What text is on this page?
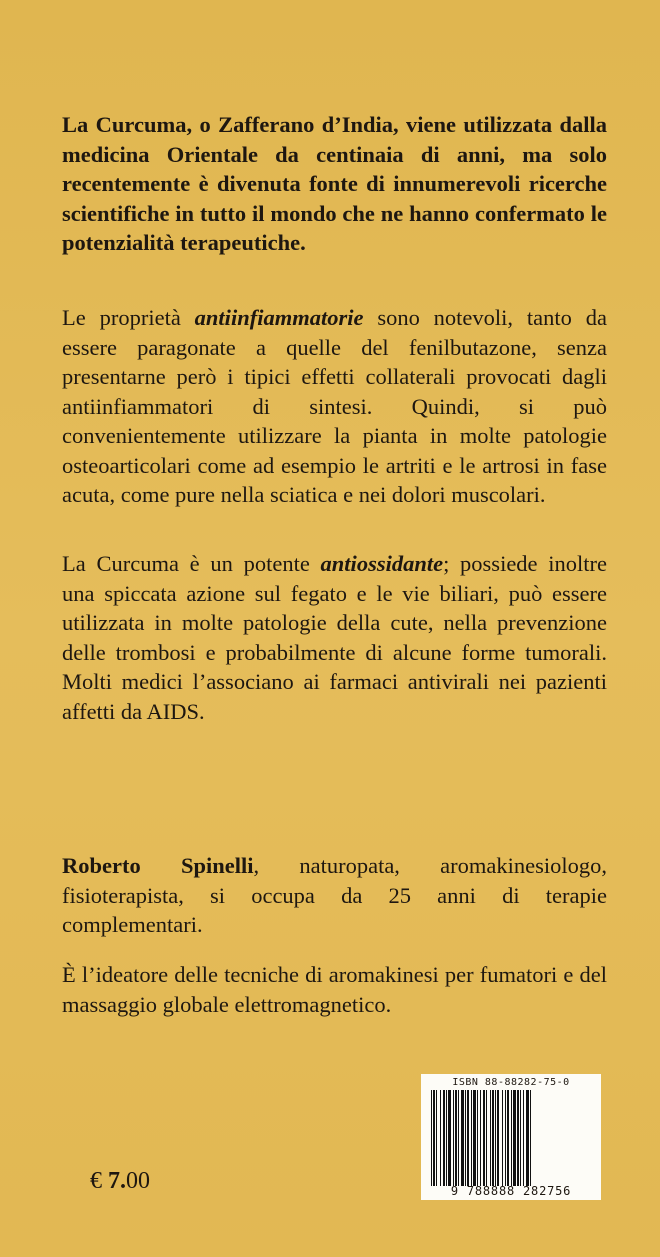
La Curcuma, o Zafferano d’India, viene utilizzata dalla medicina Orientale da centinaia di anni, ma solo recentemente è divenuta fonte di innumerevoli ricerche scientifiche in tutto il mondo che ne hanno confermato le potenzialità terapeutiche.

Le proprietà antiinfiammatorie sono notevoli, tanto da essere paragonate a quelle del fenilbutazone, senza presentarne però i tipici effetti collaterali provocati dagli antiinfiammatori di sintesi. Quindi, si può convenientemente utilizzare la pianta in molte patologie osteoarticolari come ad esempio le artriti e le artrosi in fase acuta, come pure nella sciatica e nei dolori muscolari.

La Curcuma è un potente antiossidante; possiede inoltre una spiccata azione sul fegato e le vie biliari, può essere utilizzata in molte patologie della cute, nella prevenzione delle trombosi e probabilmente di alcune forme tumorali. Molti medici l’associano ai farmaci antivirali nei pazienti affetti da AIDS.

Roberto Spinelli, naturopata, aromakinesiologo, fisioterapista, si occupa da 25 anni di terapie complementari.

È l’ideatore delle tecniche di aromakinesi per fumatori e del massaggio globale elettromagnetico.

€ 7.00
ISBN 88-88282-75-0
9 788888 282756
